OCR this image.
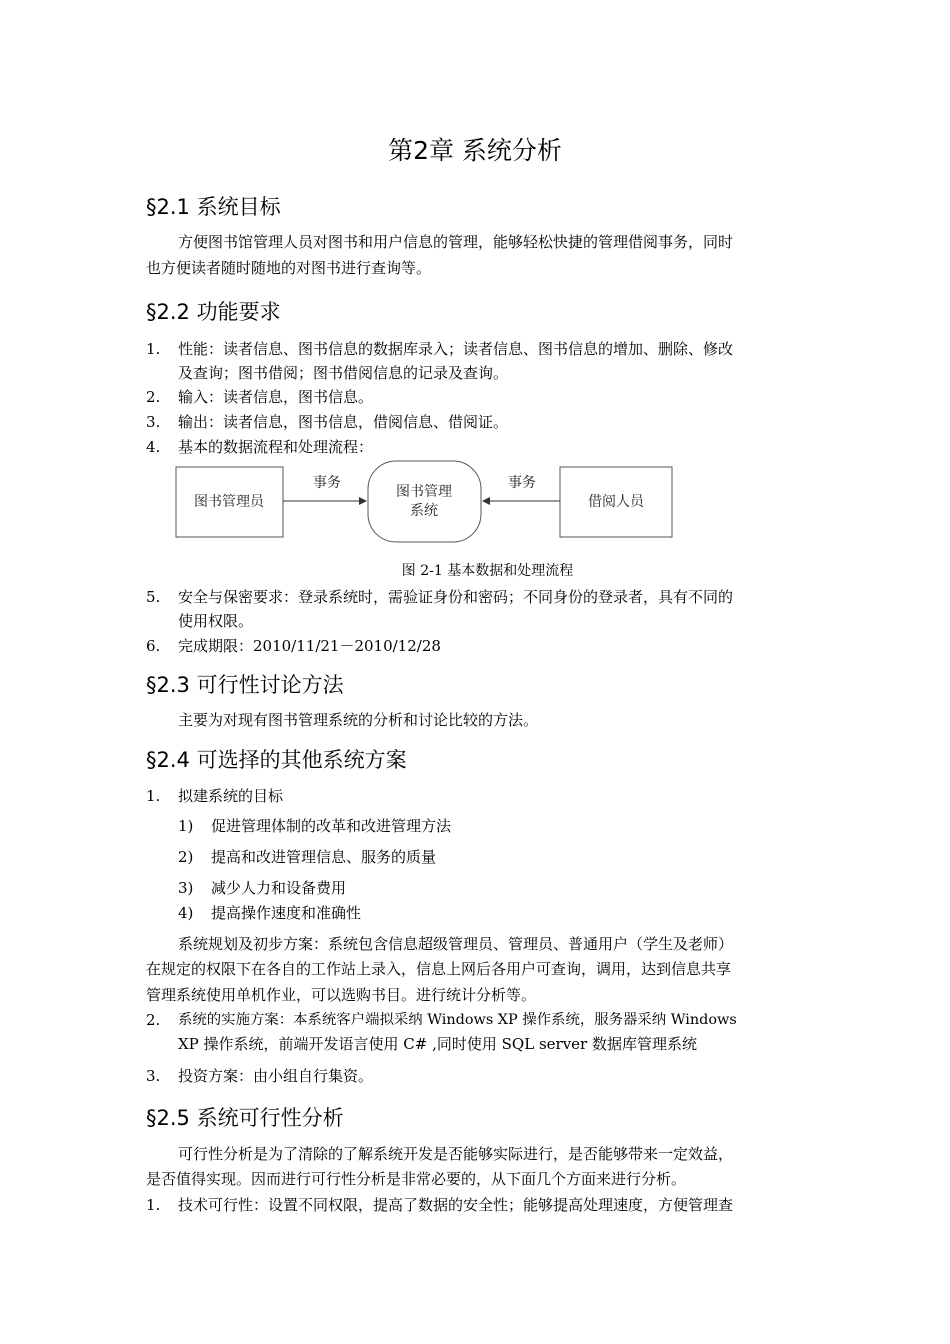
第2章 系统分析
§2.1 系统目标
方便图书馆管理人员对图书和用户信息的管理，能够轻松快捷的管理借阅事务，同时
也方便读者随时随地的对图书进行查询等。
§2.2 功能要求
1. 性能：读者信息、图书信息的数据库录入；读者信息、图书信息的增加、删除、修改
及查询；图书借阅；图书借阅信息的记录及查询。
2. 输入：读者信息，图书信息。
3. 输出：读者信息，图书信息，借阅信息、借阅证。
4. 基本的数据流程和处理流程：
图书管理员
图书管理
系统
借阅人员
事务	事务
图 2-1 基本数据和处理流程
5. 安全与保密要求：登录系统时，需验证身份和密码；不同身份的登录者，具有不同的
使用权限。
6. 完成期限：2010/11/21－2010/12/28
§2.3 可行性讨论方法
主要为对现有图书管理系统的分析和讨论比较的方法。
§2.4 可选择的其他系统方案
1. 拟建系统的目标
1) 促进管理体制的改革和改进管理方法
2) 提高和改进管理信息、服务的质量
3) 减少人力和设备费用
4) 提高操作速度和准确性
系统规划及初步方案：系统包含信息超级管理员、管理员、普通用户（学生及老师）
在规定的权限下在各自的工作站上录入，信息上网后各用户可查询，调用，达到信息共享
管理系统使用单机作业，可以选购书目。进行统计分析等。
2. 系统的实施方案：本系统客户端拟采纳 Windows XP 操作系统，服务器采纳 Windows
XP 操作系统，前端开发语言使用 C# ,同时使用 SQL server 数据库管理系统
3. 投资方案：由小组自行集资。
§2.5 系统可行性分析
可行性分析是为了清除的了解系统开发是否能够实际进行，是否能够带来一定效益，
是否值得实现。因而进行可行性分析是非常必要的，从下面几个方面来进行分析。
1. 技术可行性：设置不同权限，提高了数据的安全性；能够提高处理速度，方便管理查
